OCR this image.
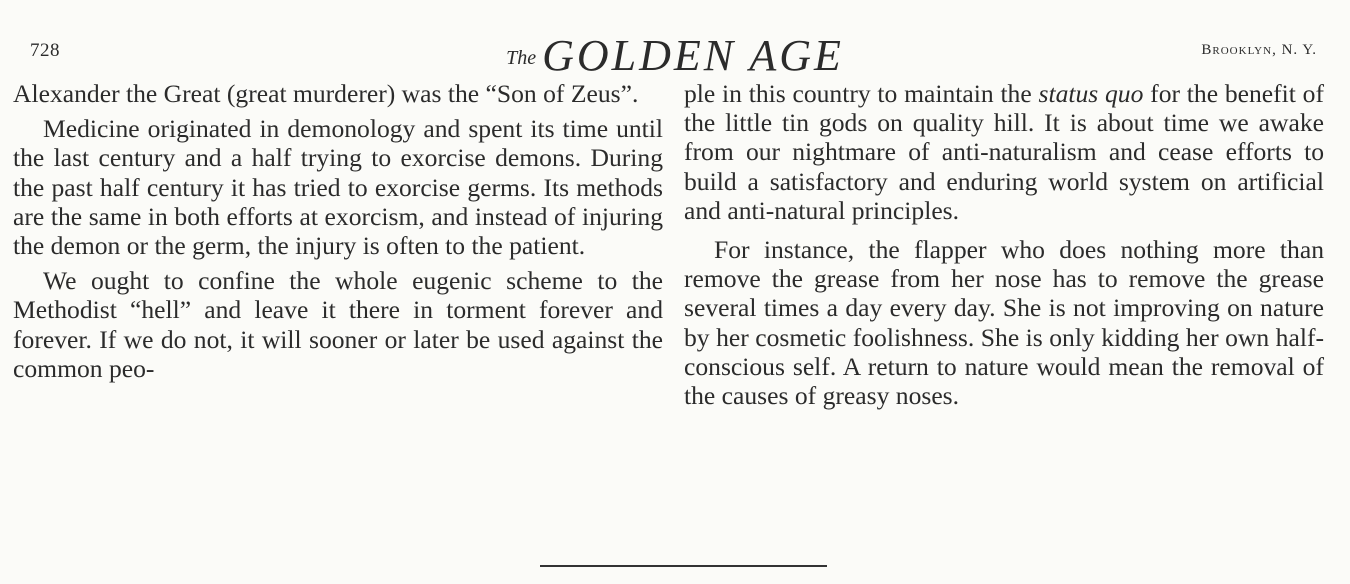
728	The GOLDEN AGE	Brooklyn, N. Y.

Alexander the Great (great murderer) was the “Son of Zeus”.

Medicine originated in demonology and spent its time until the last century and a half trying to exorcise demons. During the past half century it has tried to exorcise germs. Its methods are the same in both efforts at exorcism, and instead of injuring the demon or the germ, the injury is often to the patient.

We ought to confine the whole eugenic scheme to the Methodist “hell” and leave it there in torment forever and forever. If we do not, it will sooner or later be used against the common peo-

ple in this country to maintain the status quo for the benefit of the little tin gods on quality hill. It is about time we awake from our nightmare of anti-naturalism and cease efforts to build a satisfactory and enduring world system on artificial and anti-natural principles.

For instance, the flapper who does nothing more than remove the grease from her nose has to remove the grease several times a day every day. She is not improving on nature by her cosmetic foolishness. She is only kidding her own half-conscious self. A return to nature would mean the removal of the causes of greasy noses.
